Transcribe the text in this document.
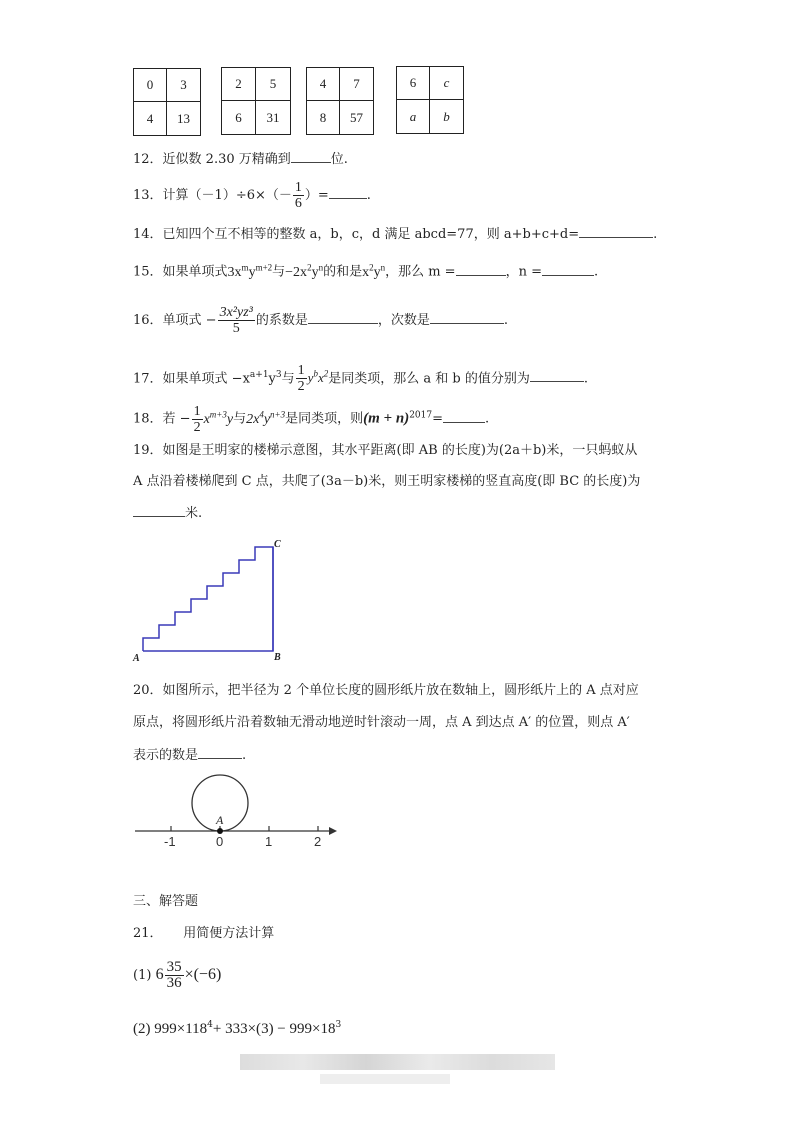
0	3
4	13
2	5
6	31
4	7
8	57
6	c
a	b
12．近似数 2.30 万精确到	位.
13．计算$(-1)\div 6\times(- \frac{1}{6}$ ）=	.
14．已知四个互不相等的整数 a，b，c，d 满足 abcd=77，则 a+b+c+d=	.
15．如果单项式$3x^my^{m+2}$与$-2x^2y^n$的和是$x^2y^n$，那么 m =	，n =	.
16．单项式 − $\frac{\text{3x²yz³}}{5}$ 的系数是	，次数是	.
17．如果单项式 $-x^{a+1}y^3$与 $\frac{1}{2} y^bx^2$是同类项，那么 a 和 b 的值分别为	.
18．若 − $\frac{1}{2} x^{m+3}y$与$2x^4y^{n+3}$是同类项，则$(m + n)^{2017}=$	.
19．如图是王明家的楼梯示意图，其水平距离(即 AB 的长度)为(2a＋b)米，一只蚂蚁从
A 点沿着楼梯爬到 C 点，共爬了(3a－b)米，则王明家楼梯的竖直高度(即 BC 的长度)为
米.
A	B
C
20．如图所示，把半径为 2 个单位长度的圆形纸片放在数轴上，圆形纸片上的 A 点对应
原点，将圆形纸片沿着数轴无滑动地逆时针滚动一周，点 A 到达点 A′ 的位置，则点 A′
表示的数是	.
A
-1	0	1	2
三、解答题
21．     用简便方法计算
(1) $6 \frac{35}{36} \times(-6)$
(2) $999\times 118^4+ 333\times(3) - 999\times 18^3$
